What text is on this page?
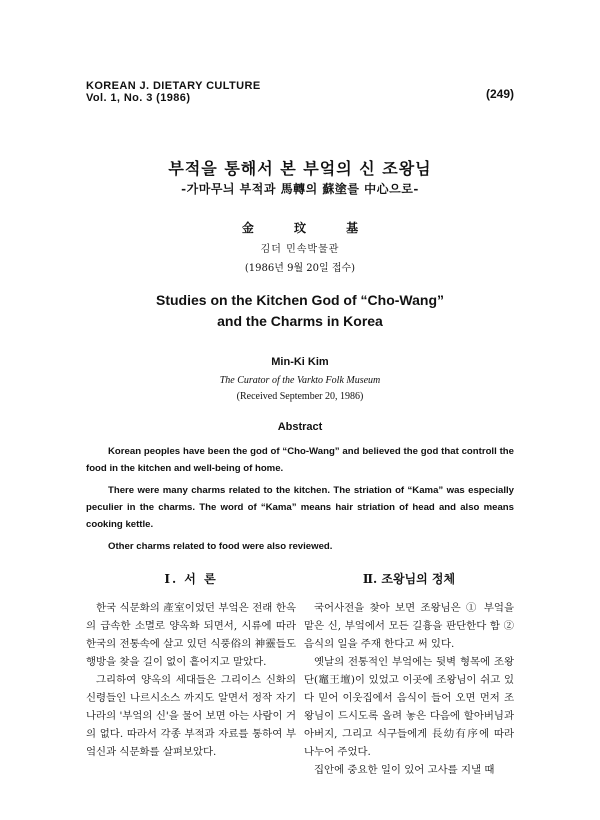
KOREAN J. DIETARY CULTURE
Vol. 1, No. 3 (1986)	(249)
부적을 통해서 본 부엌의 신 조왕님
-가마무늬 부적과 馬轉의 蘇塗를 中心으로-
金 玟 基
김더 민속박물관
(1986년 9월 20일 접수)
Studies on the Kitchen God of “Cho-Wang”
and the Charms in Korea
Min-Ki Kim
The Curator of the Varkto Folk Museum
(Received September 20, 1986)
Abstract

Korean peoples have been the god of “Cho-Wang” and believed the god that controll the food in the kitchen and well-being of home.

There were many charms related to the kitchen. The striation of “Kama” was especially peculier in the charms. The word of “Kama” means hair striation of head and also means cooking kettle.

Other charms related to food were also reviewed.

Ⅰ. 서 론	Ⅱ. 조왕님의 정체

한국 식문화의 產室이었던 부엌은 전래 한옥의 급속한 소멸로 양옥화 되면서, 시류에 따라 한국의 전통속에 살고 있던 식풍俗의 神靈들도 행방을 찾을 길이 없이 흩어지고 말았다.

그리하여 양옥의 세대들은 그리이스 신화의 신령들인 나르시소스 까지도 알면서 정작 자기 나라의 '부엌의 신'을 물어 보면 아는 사람이 거의 없다. 따라서 각종 부적과 자료를 통하여 부엌신과 식문화를 살펴보았다.

국어사전을 찾아 보면 조왕님은 ① 부엌을 맡은 신, 부엌에서 모든 길흉을 판단한다 함 ② 음식의 일을 주재 한다고 써 있다.

옛날의 전통적인 부엌에는 뒷벽 형목에 조왕단(竈王壇)이 있었고 이곳에 조왕님이 쉬고 있다 믿어 이웃집에서 음식이 들어 오면 먼저 조왕님이 드시도록 올려 놓은 다음에 할아버님과 아버지, 그리고 식구들에게 長幼有序에 따라 나누어 주었다.

집안에 중요한 일이 있어 고사를 지낼 때
